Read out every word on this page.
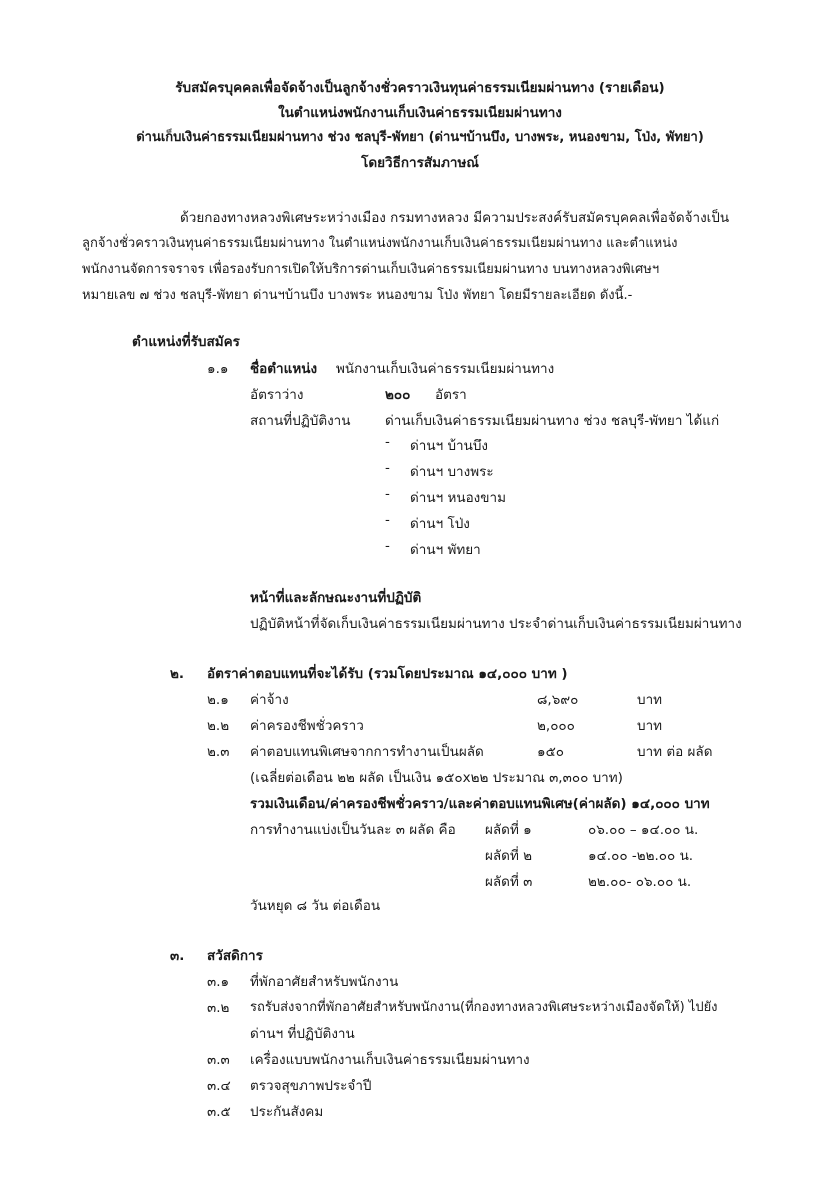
รับสมัครบุคคลเพื่อจัดจ้างเป็นลูกจ้างชั่วคราวเงินทุนค่าธรรมเนียมผ่านทาง (รายเดือน)
ในตำแหน่งพนักงานเก็บเงินค่าธรรมเนียมผ่านทาง
ด่านเก็บเงินค่าธรรมเนียมผ่านทาง ช่วง ชลบุรี-พัทยา (ด่านฯบ้านบึง, บางพระ, หนองขาม, โป่ง, พัทยา)
โดยวิธีการสัมภาษณ์
ด้วยกองทางหลวงพิเศษระหว่างเมือง กรมทางหลวง มีความประสงค์รับสมัครบุคคลเพื่อจัดจ้างเป็น
ลูกจ้างชั่วคราวเงินทุนค่าธรรมเนียมผ่านทาง ในตำแหน่งพนักงานเก็บเงินค่าธรรมเนียมผ่านทาง และตำแหน่ง
พนักงานจัดการจราจร เพื่อรองรับการเปิดให้บริการด่านเก็บเงินค่าธรรมเนียมผ่านทาง บนทางหลวงพิเศษฯ
หมายเลข ๗ ช่วง ชลบุรี-พัทยา ด่านฯบ้านบึง บางพระ หนองขาม โป่ง พัทยา โดยมีรายละเอียด ดังนี้.-
ตำแหน่งที่รับสมัคร
๑.๑ ชื่อตำแหน่ง พนักงานเก็บเงินค่าธรรมเนียมผ่านทาง
อัตราว่าง	๒๐๐ อัตรา
สถานที่ปฏิบัติงาน	ด่านเก็บเงินค่าธรรมเนียมผ่านทาง ช่วง ชลบุรี-พัทยา ได้แก่
- ด่านฯ บ้านบึง
- ด่านฯ บางพระ
- ด่านฯ หนองขาม
- ด่านฯ โป่ง
- ด่านฯ พัทยา
หน้าที่และลักษณะงานที่ปฏิบัติ
ปฏิบัติหน้าที่จัดเก็บเงินค่าธรรมเนียมผ่านทาง ประจำด่านเก็บเงินค่าธรรมเนียมผ่านทาง
๒. อัตราค่าตอบแทนที่จะได้รับ (รวมโดยประมาณ ๑๔,๐๐๐ บาท )
๒.๑ ค่าจ้าง	๘,๖๙๐	บาท
๒.๒ ค่าครองชีพชั่วคราว	๒,๐๐๐	บาท
๒.๓ ค่าตอบแทนพิเศษจากการทำงานเป็นผลัด	๑๕๐	บาท ต่อ ผลัด
(เฉลี่ยต่อเดือน ๒๒ ผลัด เป็นเงิน ๑๕๐x๒๒ ประมาณ ๓,๓๐๐ บาท)
รวมเงินเดือน/ค่าครองชีพชั่วคราว/และค่าตอบแทนพิเศษ(ค่าผลัด) ๑๔,๐๐๐ บาท
การทำงานแบ่งเป็นวันละ ๓ ผลัด คือ ผลัดที่ ๑	๐๖.๐๐ – ๑๔.๐๐ น.
ผลัดที่ ๒	๑๔.๐๐ -๒๒.๐๐ น.
ผลัดที่ ๓	๒๒.๐๐- ๐๖.๐๐ น.
วันหยุด ๘ วัน ต่อเดือน
๓. สวัสดิการ
๓.๑ ที่พักอาศัยสำหรับพนักงาน
๓.๒ รถรับส่งจากที่พักอาศัยสำหรับพนักงาน(ที่กองทางหลวงพิเศษระหว่างเมืองจัดให้) ไปยัง
ด่านฯ ที่ปฏิบัติงาน
๓.๓ เครื่องแบบพนักงานเก็บเงินค่าธรรมเนียมผ่านทาง
๓.๔ ตรวจสุขภาพประจำปี
๓.๕ ประกันสังคม
